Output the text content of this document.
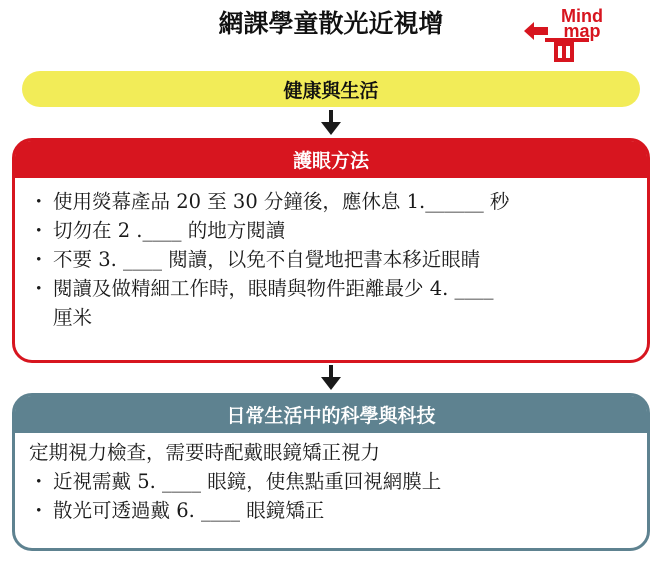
網課學童散光近視增	Mind
map
健康與生活
護眼方法
・ 使用熒幕產品 20 至 30 分鐘後，應休息 1.______ 秒
・ 切勿在 2 .____ 的地方閱讀
・ 不要 3. ____ 閱讀，以免不自覺地把書本移近眼睛
・ 閱讀及做精細工作時，眼睛與物件距離最少 4. ____
厘米
日常生活中的科學與科技
定期視力檢查，需要時配戴眼鏡矯正視力
・ 近視需戴 5. ____ 眼鏡，使焦點重回視網膜上
・ 散光可透過戴 6. ____ 眼鏡矯正
